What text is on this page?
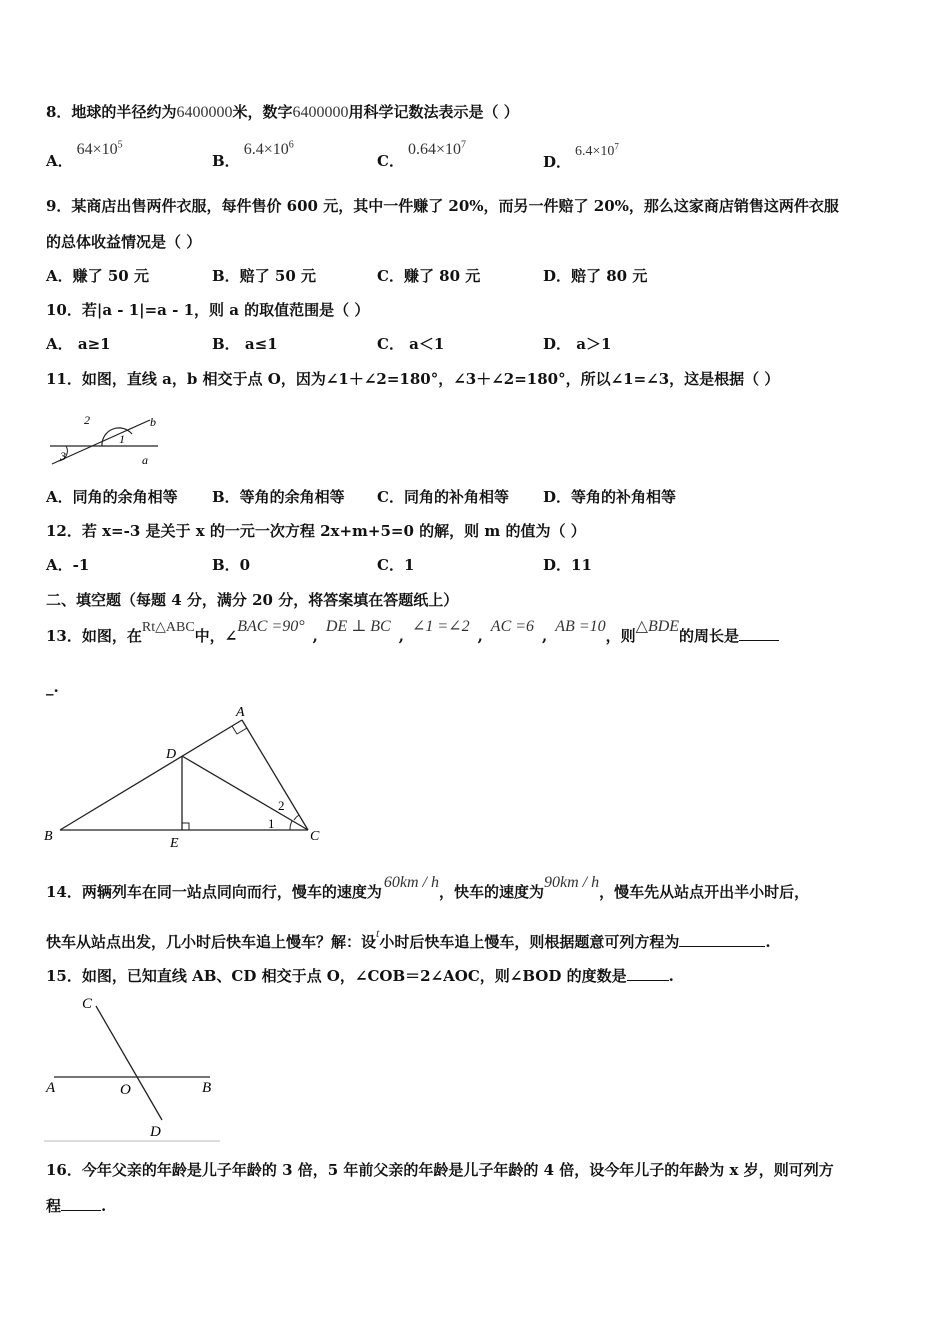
8．地球的半径约为6400000米，数字6400000用科学记数法表示是（ ）
A．$64\times 10^5$
B．$6.4\times 10^6$
C．$0.64\times 10^7$
D．$6.4\times 10^7$
9．某商店出售两件衣服，每件售价 600 元，其中一件赚了 20%，而另一件赔了 20%，那么这家商店销售这两件衣服
的总体收益情况是（ ）
A．赚了 50 元	B．赔了 50 元	C．赚了 80 元	D．赔了 80 元
10．若|a - 1|=a - 1，则 a 的取值范围是（ ）
A． a≥1	B． a≤1	C． a＜1	D． a＞1
11．如图，直线 a，b 相交于点 O，因为∠1＋∠2=180°，∠3＋∠2=180°，所以∠1=∠3，这是根据（ ）
2
1
3
b
a
A．同角的余角相等 B．等角的余角相等 C．同角的补角相等 D．等角的补角相等
12．若 x=-3 是关于 x 的一元一次方程 2x+m+5=0 的解，则 m 的值为（ ）
A．-1	B．0	C．1	D．11
二、填空题（每题 4 分，满分 20 分，将答案填在答题纸上）
13．如图，在Rt△ABC中，∠BAC =90°,DE ⊥ BC,∠1 =∠2,AC =6,AB =10，则△BDE的周长是
_.
A
B	C
D
E
1
2
14．两辆列车在同一站点同向而行，慢车的速度为60km / h，快车的速度为90km / h，慢车先从站点开出半小时后，
快车从站点出发，几小时后快车追上慢车？解：设$^t$小时后快车追上慢车，则根据题意可列方程为	.
15．如图，已知直线 AB、CD 相交于点 O，∠COB＝2∠AOC，则∠BOD 的度数是	.
C
A	O	B
D
16．今年父亲的年龄是儿子年龄的 3 倍，5 年前父亲的年龄是儿子年龄的 4 倍，设今年儿子的年龄为 x 岁，则可列方
程	.
